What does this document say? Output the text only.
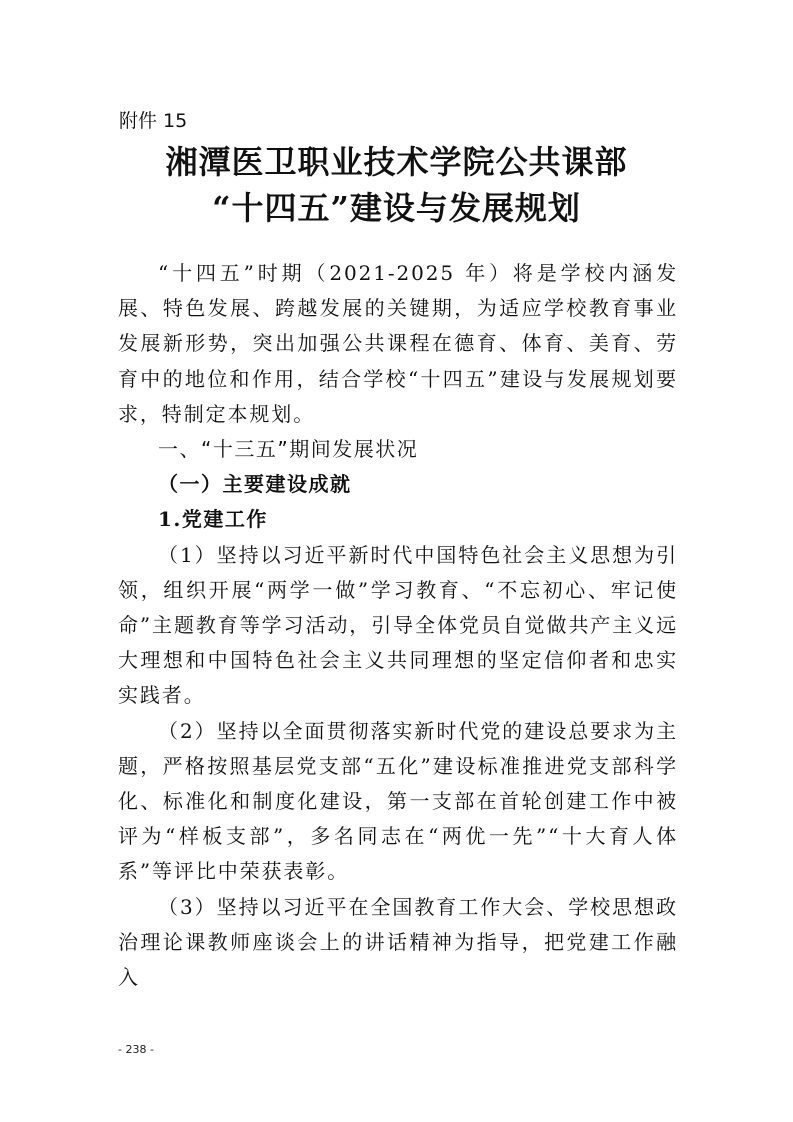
附件 15
湘潭医卫职业技术学院公共课部
“十四五”建设与发展规划

“十四五”时期（2021-2025 年）将是学校内涵发展、特色发展、跨越发展的关键期，为适应学校教育事业发展新形势，突出加强公共课程在德育、体育、美育、劳育中的地位和作用，结合学校“十四五”建设与发展规划要求，特制定本规划。

一、“十三五”期间发展状况
（一）主要建设成就
1.党建工作

（1）坚持以习近平新时代中国特色社会主义思想为引领，组织开展“两学一做”学习教育、“不忘初心、牢记使命”主题教育等学习活动，引导全体党员自觉做共产主义远大理想和中国特色社会主义共同理想的坚定信仰者和忠实实践者。

（2）坚持以全面贯彻落实新时代党的建设总要求为主题，严格按照基层党支部“五化”建设标准推进党支部科学化、标准化和制度化建设，第一支部在首轮创建工作中被评为“样板支部”，多名同志在“两优一先”“十大育人体系”等评比中荣获表彰。

（3）坚持以习近平在全国教育工作大会、学校思想政治理论课教师座谈会上的讲话精神为指导，把党建工作融入

- 238 -
